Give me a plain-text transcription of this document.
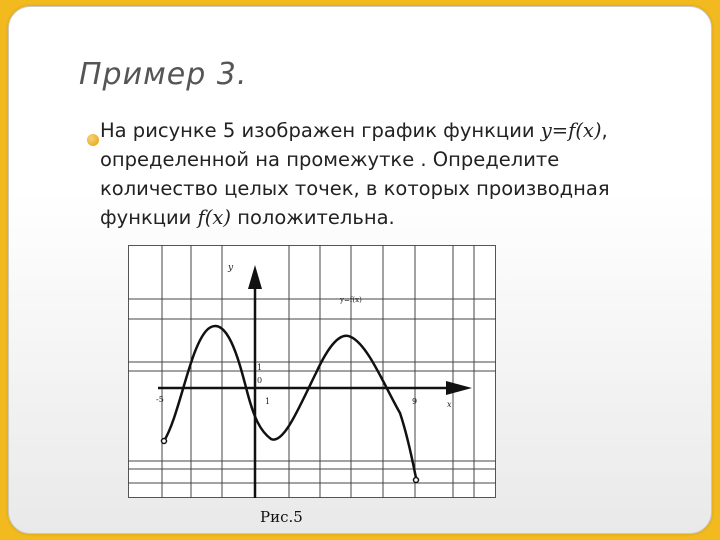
Пример 3.
На рисунке 5 изображен график функции y=f(x), определенной на промежутке . Определите количество целых точек, в которых производная функции f(x) положительна.
y
y=f(x)
1
0
-5	1	9	x
Рис.5
